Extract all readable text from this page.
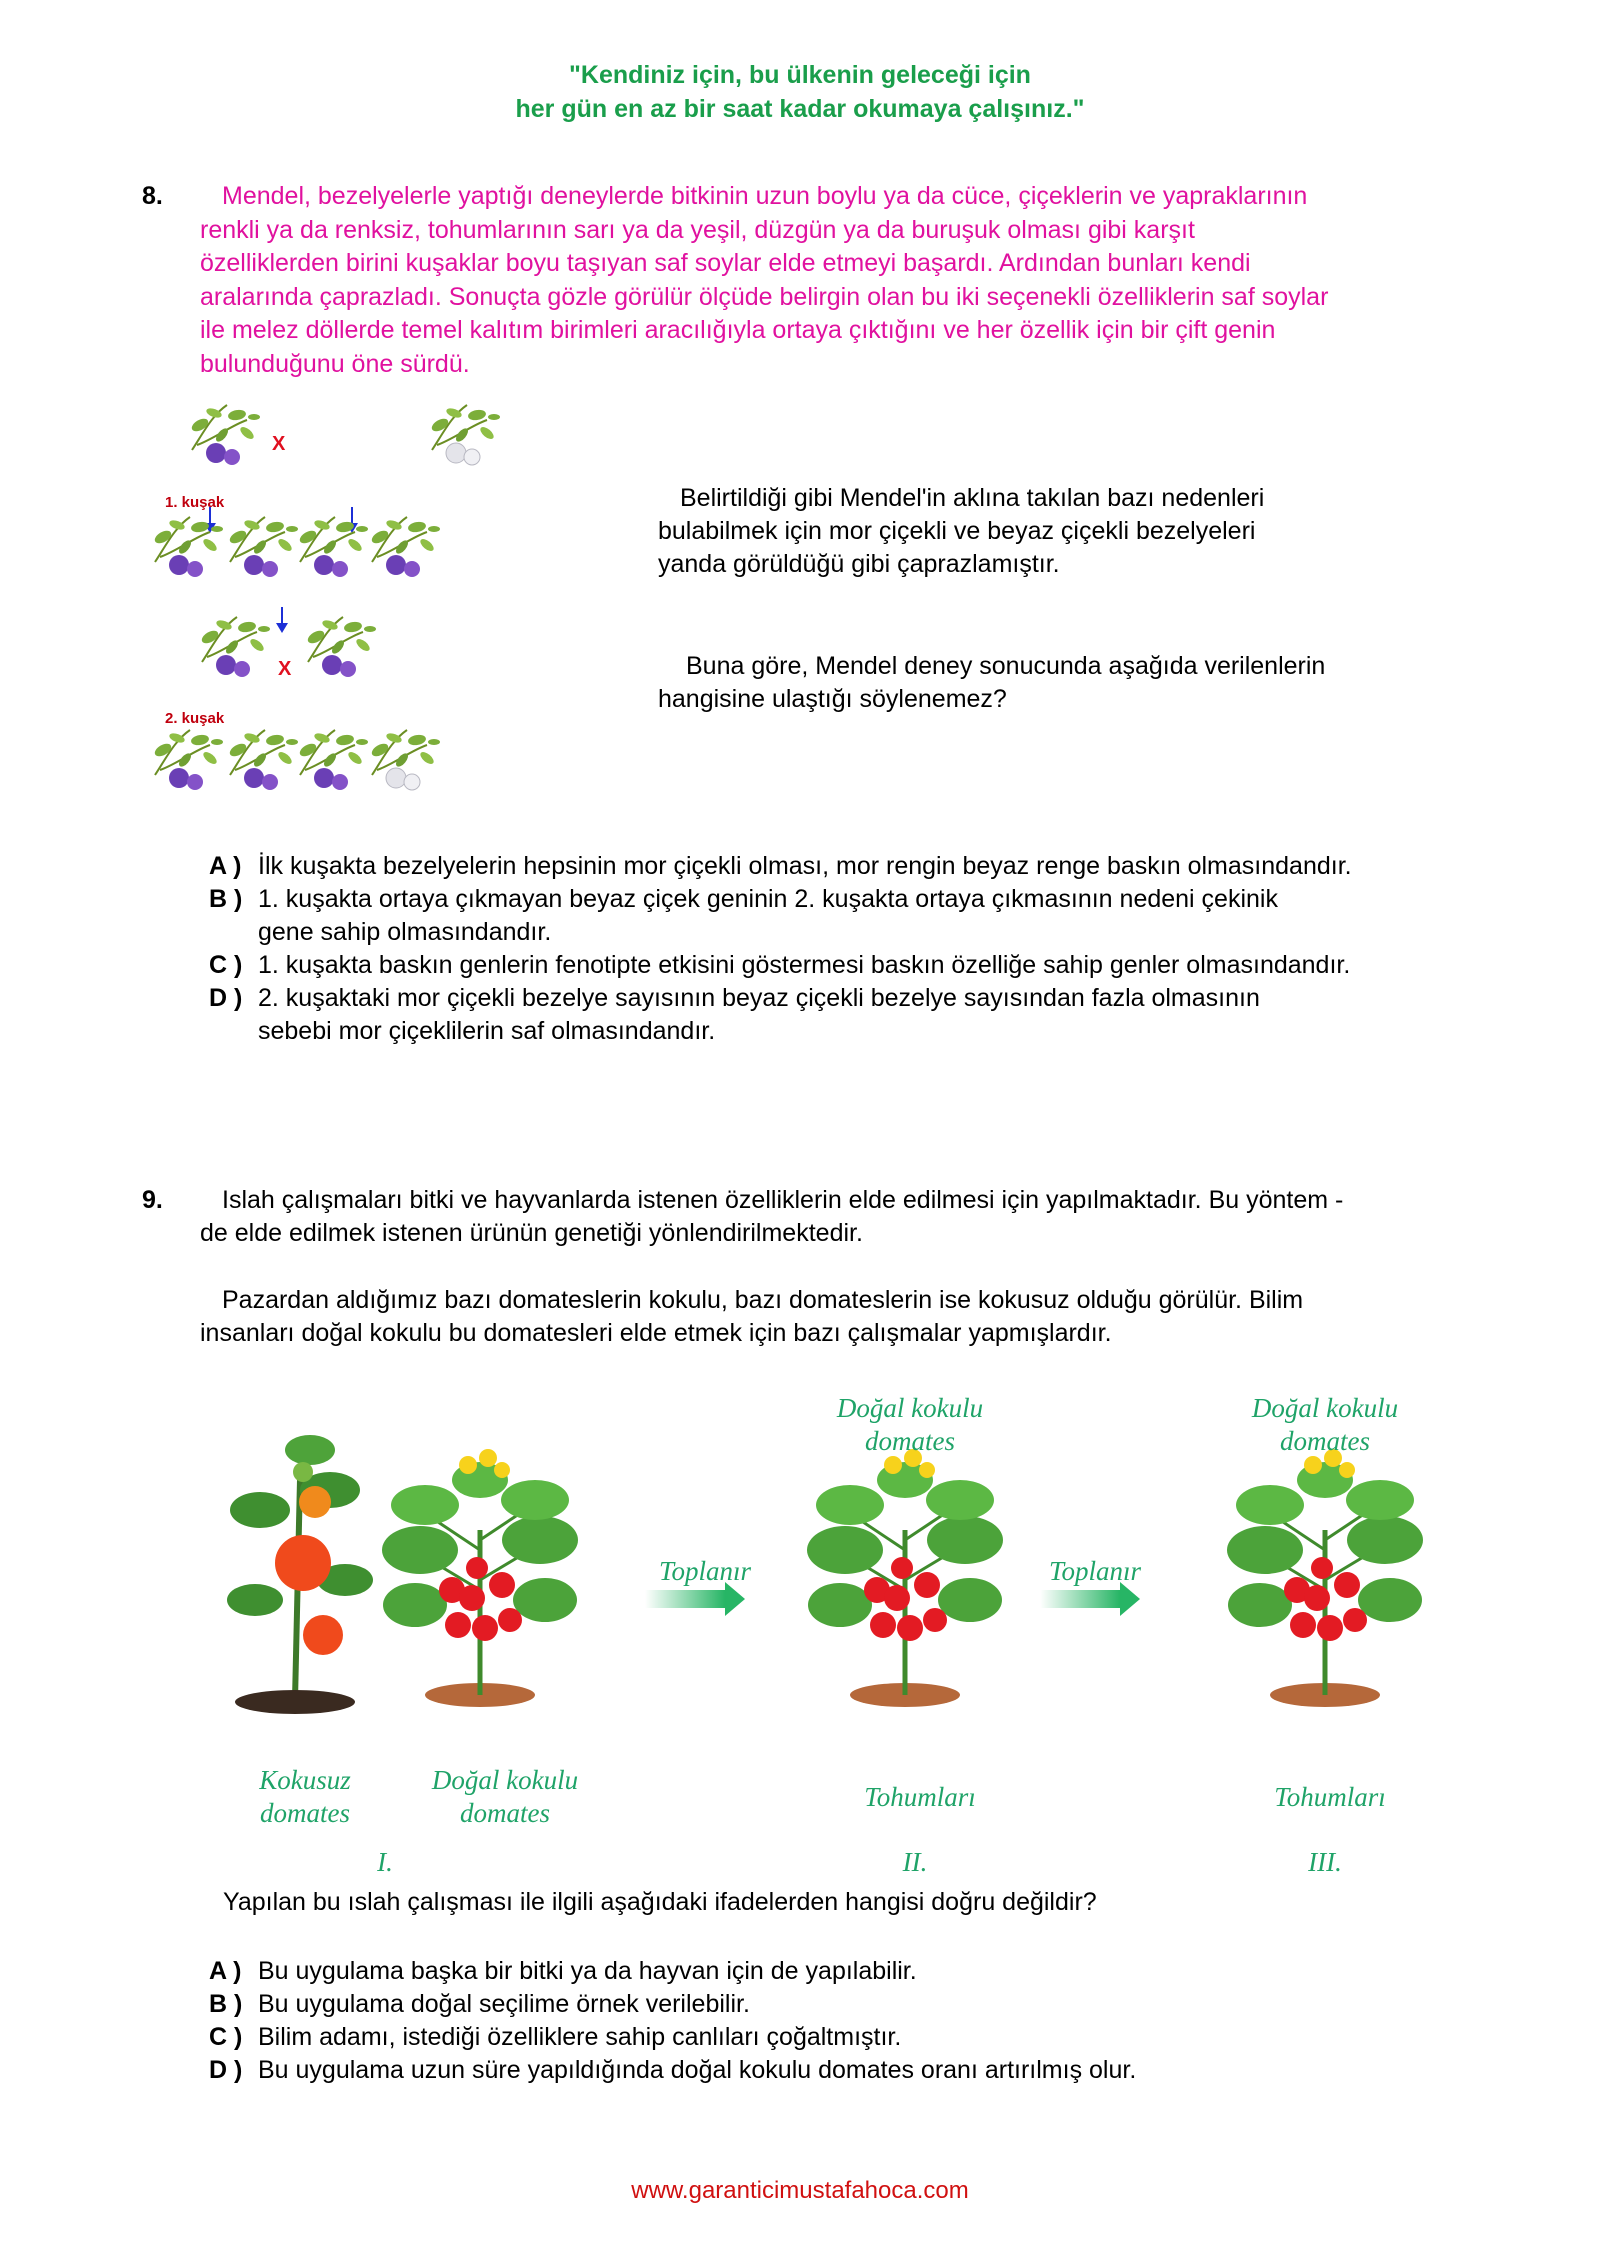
"Kendiniz için, bu ülkenin geleceği için
her gün en az bir saat kadar okumaya çalışınız."
8.	Mendel, bezelyelerle yaptığı deneylerde bitkinin uzun boylu ya da cüce, çiçeklerin ve yapraklarının
renkli ya da renksiz, tohumlarının sarı ya da yeşil, düzgün ya da buruşuk olması gibi karşıt
özelliklerden birini kuşaklar boyu taşıyan saf soylar elde etmeyi başardı. Ardından bunları kendi
aralarında çaprazladı. Sonuçta gözle görülür ölçüde belirgin olan bu iki seçenekli özelliklerin saf soylar
ile melez döllerde temel kalıtım birimleri aracılığıyla ortaya çıktığını ve her özellik için bir çift genin
bulunduğunu öne sürdü.
X
X
1. kuşak
2. kuşak
Belirtildiği gibi Mendel'in aklına takılan bazı nedenleri
bulabilmek için mor çiçekli ve beyaz çiçekli bezelyeleri
yanda görüldüğü gibi çaprazlamıştır.
Buna göre, Mendel deney sonucunda aşağıda verilenlerin
hangisine ulaştığı söylenemez?
A ) İlk kuşakta bezelyelerin hepsinin mor çiçekli olması, mor rengin beyaz renge baskın olmasındandır.
B ) 1. kuşakta ortaya çıkmayan beyaz çiçek geninin 2. kuşakta ortaya çıkmasının nedeni çekinik
gene sahip olmasındandır.
C ) 1. kuşakta baskın genlerin fenotipte etkisini göstermesi baskın özelliğe sahip genler olmasındandır.
D ) 2. kuşaktaki mor çiçekli bezelye sayısının beyaz çiçekli bezelye sayısından fazla olmasının
sebebi mor çiçeklilerin saf olmasındandır.
9.	Islah çalışmaları bitki ve hayvanlarda istenen özelliklerin elde edilmesi için yapılmaktadır. Bu yöntem -
de elde edilmek istenen ürünün genetiği yönlendirilmektedir.
Pazardan aldığımız bazı domateslerin kokulu, bazı domateslerin ise kokusuz olduğu görülür. Bilim
insanları doğal kokulu bu domatesleri elde etmek için bazı çalışmalar yapmışlardır.
Doğal kokulu
domates
Doğal kokulu
domates
Toplanır	Toplanır
Kokusuz
domates
Doğal kokulu
domates
Tohumları	Tohumları
I.	II.	III.
Yapılan bu ıslah çalışması ile ilgili aşağıdaki ifadelerden hangisi doğru değildir?
A ) Bu uygulama başka bir bitki ya da hayvan için de yapılabilir.
B ) Bu uygulama doğal seçilime örnek verilebilir.
C ) Bilim adamı, istediği özelliklere sahip canlıları çoğaltmıştır.
D ) Bu uygulama uzun süre yapıldığında doğal kokulu domates oranı artırılmış olur.
www.garanticimustafahoca.com
